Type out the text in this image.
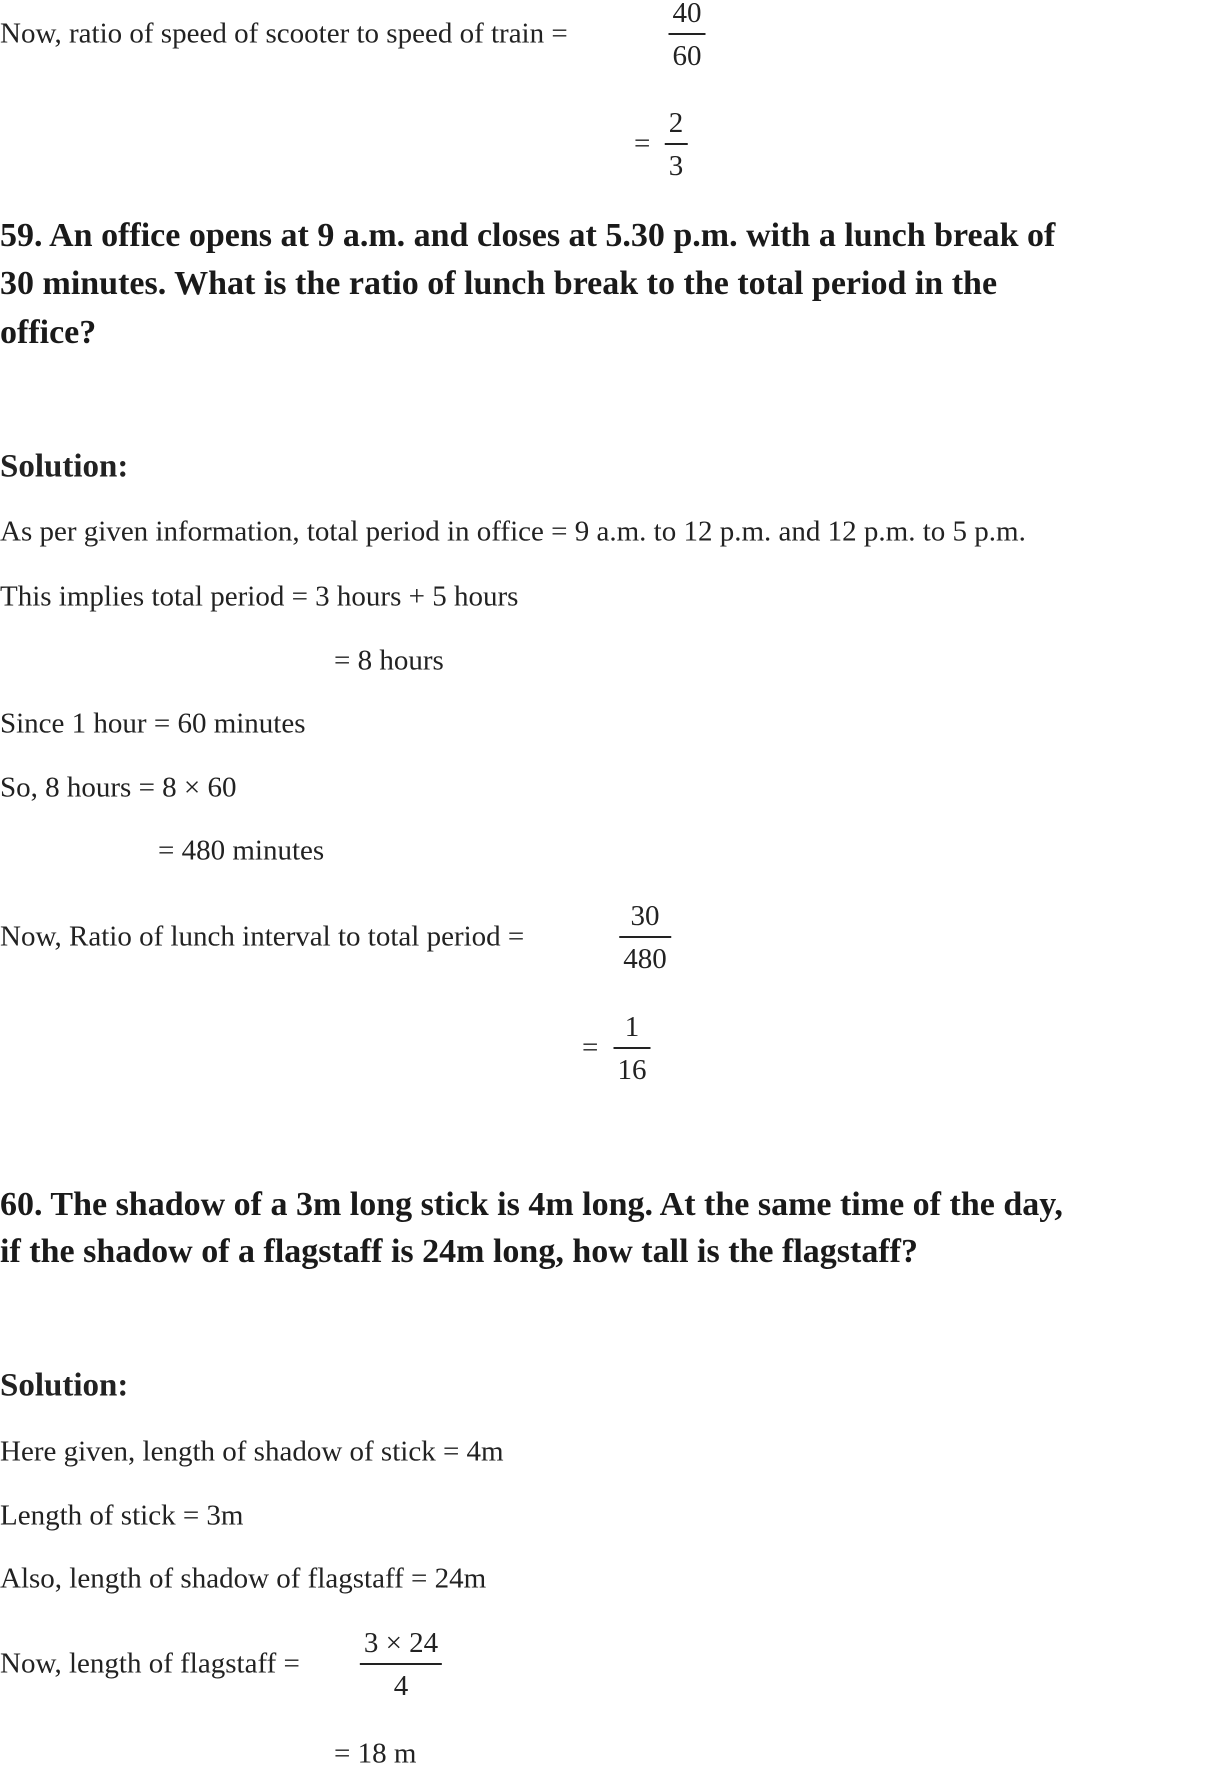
Now, ratio of speed of scooter to speed of train =
40
60
=
2
3
59. An office opens at 9 a.m. and closes at 5.30 p.m. with a lunch break of
30 minutes. What is the ratio of lunch break to the total period in the
office?
Solution:
As per given information, total period in office = 9 a.m. to 12 p.m. and 12 p.m. to 5 p.m.
This implies total period = 3 hours + 5 hours
= 8 hours
Since 1 hour = 60 minutes
So, 8 hours = 8 × 60
= 480 minutes
Now, Ratio of lunch interval to total period =
30
480
=
1
16
60. The shadow of a 3m long stick is 4m long. At the same time of the day,
if the shadow of a flagstaff is 24m long, how tall is the flagstaff?
Solution:
Here given, length of shadow of stick = 4m
Length of stick = 3m
Also, length of shadow of flagstaff = 24m
Now, length of flagstaff =
3 × 24
4
= 18 m
